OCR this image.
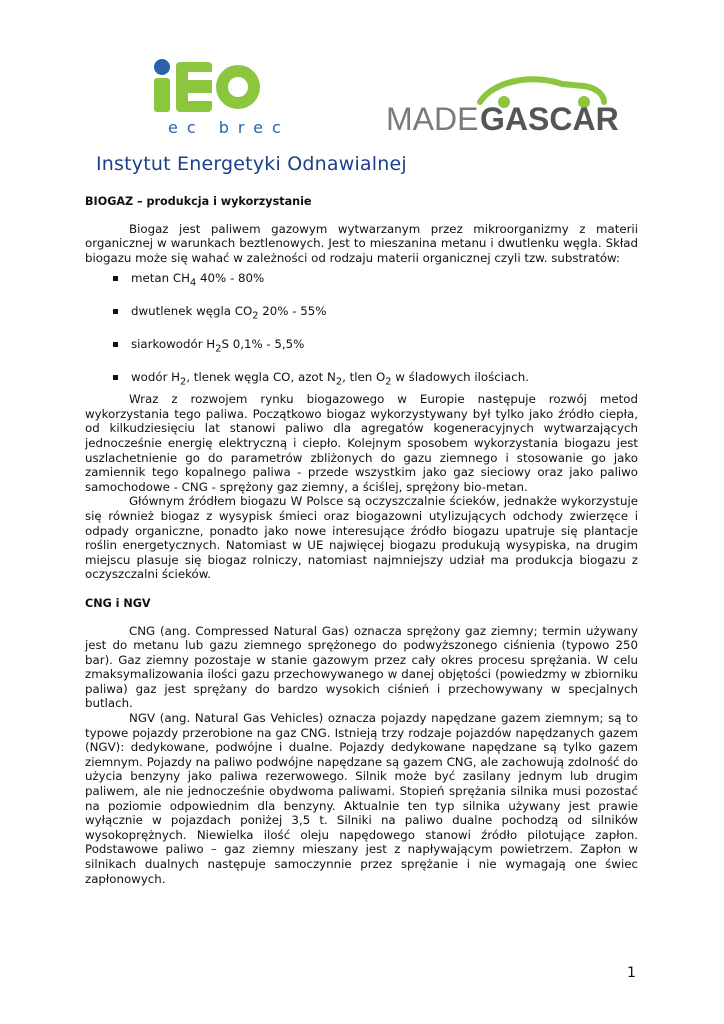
ec brec
Instytut Energetyki Odnawialnej
MADE GASCAR

BIOGAZ – produkcja i wykorzystanie

Biogaz jest paliwem gazowym wytwarzanym przez mikroorganizmy z materii organicznej w warunkach beztlenowych. Jest to mieszanina metanu i dwutlenku węgla. Skład biogazu może się wahać w zależności od rodzaju materii organicznej czyli tzw. substratów:

metan $CH_4$ 40% - 80%
dwutlenek węgla $CO_2$ 20% - 55%
siarkowodór $H_2S$ 0,1% - 5,5%
wodór $H_2$, tlenek węgla CO, azot $N_2$, tlen $O_2$ w śladowych ilościach.

Wraz z rozwojem rynku biogazowego w Europie następuje rozwój metod wykorzystania tego paliwa. Początkowo biogaz wykorzystywany był tylko jako źródło ciepła, od kilkudziesięciu lat stanowi paliwo dla agregatów kogeneracyjnych wytwarzających jednocześnie energię elektryczną i ciepło. Kolejnym sposobem wykorzystania biogazu jest uszlachetnienie go do parametrów zbliżonych do gazu ziemnego i stosowanie go jako zamiennik tego kopalnego paliwa - przede wszystkim jako gaz sieciowy oraz jako paliwo samochodowe - CNG - sprężony gaz ziemny, a ściślej, sprężony bio-metan.

Głównym źródłem biogazu W Polsce są oczyszczalnie ścieków, jednakże wykorzystuje się również biogaz z wysypisk śmieci oraz biogazowni utylizujących odchody zwierzęce i odpady organiczne, ponadto jako nowe interesujące źródło biogazu upatruje się plantacje roślin energetycznych. Natomiast w UE najwięcej biogazu produkują wysypiska, na drugim miejscu plasuje się biogaz rolniczy, natomiast najmniejszy udział ma produkcja biogazu z oczyszczalni ścieków.

CNG i NGV

CNG (ang. Compressed Natural Gas) oznacza sprężony gaz ziemny; termin używany jest do metanu lub gazu ziemnego sprężonego do podwyższonego ciśnienia (typowo 250 bar). Gaz ziemny pozostaje w stanie gazowym przez cały okres procesu sprężania. W celu zmaksymalizowania ilości gazu przechowywanego w danej objętości (powiedzmy w zbiorniku paliwa) gaz jest sprężany do bardzo wysokich ciśnień i przechowywany w specjalnych butlach.

NGV (ang. Natural Gas Vehicles) oznacza pojazdy napędzane gazem ziemnym; są to typowe pojazdy przerobione na gaz CNG. Istnieją trzy rodzaje pojazdów napędzanych gazem (NGV): dedykowane, podwójne i dualne. Pojazdy dedykowane napędzane są tylko gazem ziemnym. Pojazdy na paliwo podwójne napędzane są gazem CNG, ale zachowują zdolność do użycia benzyny jako paliwa rezerwowego. Silnik może być zasilany jednym lub drugim paliwem, ale nie jednocześnie obydwoma paliwami. Stopień sprężania silnika musi pozostać na poziomie odpowiednim dla benzyny. Aktualnie ten typ silnika używany jest prawie wyłącznie w pojazdach poniżej 3,5 t. Silniki na paliwo dualne pochodzą od silników wysokoprężnych. Niewielka ilość oleju napędowego stanowi źródło pilotujące zapłon. Podstawowe paliwo – gaz ziemny mieszany jest z napływającym powietrzem. Zapłon w silnikach dualnych następuje samoczynnie przez sprężanie i nie wymagają one świec zapłonowych.

1
